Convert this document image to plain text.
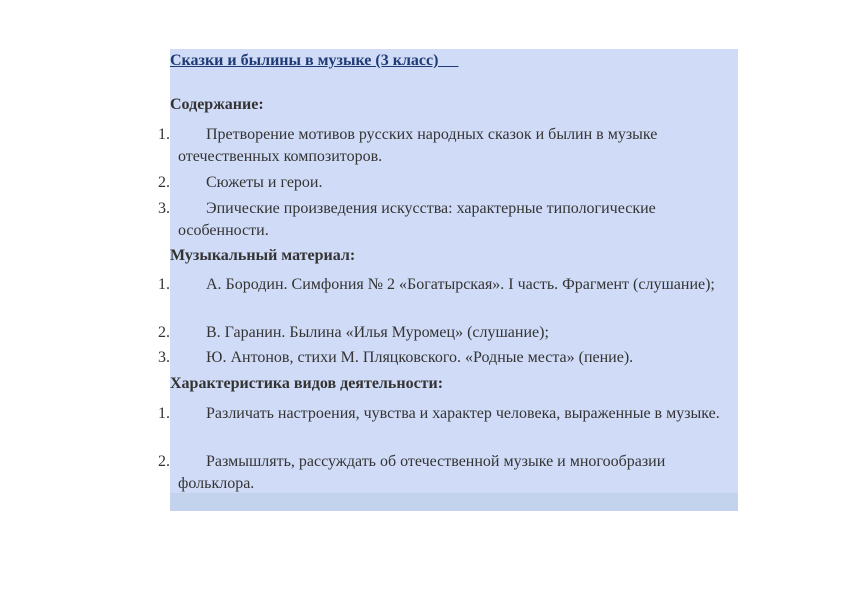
Сказки и былины в музыке (3 класс)
Содержание:
1.	Претворение мотивов русских народных сказок и былин в музыке отечественных композиторов.
2.	Сюжеты и герои.
3.	Эпические произведения искусства: характерные типологические особенности.
Музыкальный материал:
1.	А. Бородин. Симфония № 2 «Богатырская». I часть. Фрагмент (слушание);
2.	В. Гаранин. Былина «Илья Муромец» (слушание);
3.	Ю. Антонов, стихи М. Пляцковского. «Родные места» (пение).
Характеристика видов деятельности:
1.	Различать настроения, чувства и характер человека, выраженные в музыке.
2.	Размышлять, рассуждать об отечественной музыке и многообразии фольклора.
